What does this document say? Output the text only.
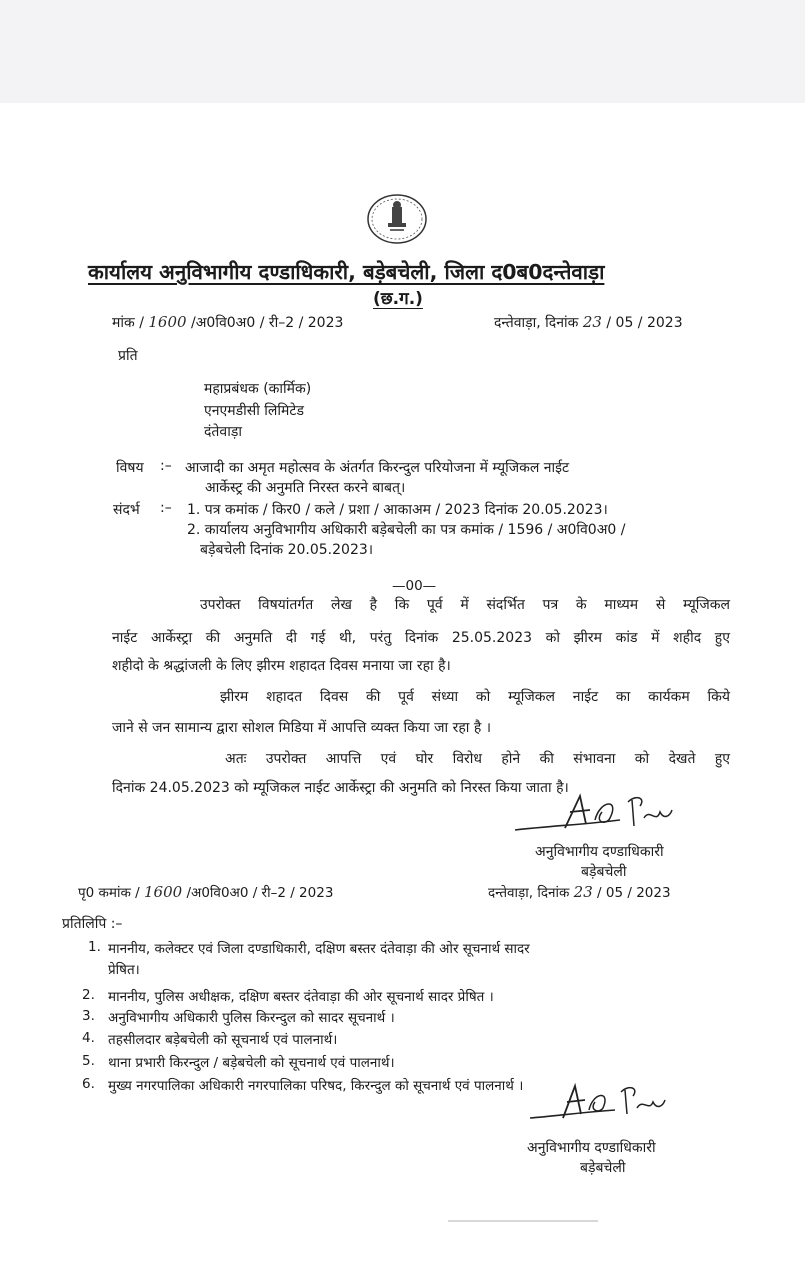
कार्यालय अनुविभागीय दण्डाधिकारी, बड़ेबचेली, जिला द0ब0दन्तेवाड़ा
(छ.ग.)
मांक / 1600 /अ0वि0अ0 / री–2 / 2023	दन्तेवाड़ा, दिनांक 23 / 05 / 2023
प्रति
महाप्रबंधक (कार्मिक)
एनएमडीसी लिमिटेड
दंतेवाड़ा
विषय :– आजादी का अमृत महोत्सव के अंतर्गत किरन्दुल परियोजना में म्यूजिकल नाईट
आर्केस्ट्र की अनुमति निरस्त करने बाबत्।
संदर्भ :– 1. पत्र कमांक / किर0 / कले / प्रशा / आकाअम / 2023 दिनांक 20.05.2023।
2. कार्यालय अनुविभागीय अधिकारी बड़ेबचेली का पत्र कमांक / 1596 / अ0वि0अ0 /
बड़ेबचेली दिनांक 20.05.2023।
—00—
उपरोक्त विषयांतर्गत लेख है कि पूर्व में संदर्भित पत्र के माध्यम से म्यूजिकल
नाईट आर्केस्ट्रा की अनुमति दी गई थी, परंतु दिनांक 25.05.2023 को झीरम कांड में शहीद हुए
शहीदो के श्रद्धांजली के लिए झीरम शहादत दिवस मनाया जा रहा है।
झीरम शहादत दिवस की पूर्व संध्या को म्यूजिकल नाईट का कार्यकम किये
जाने से जन सामान्य द्वारा सोशल मिडिया में आपत्ति व्यक्त किया जा रहा है ।
अतः उपरोक्त आपत्ति एवं घोर विरोध होने की संभावना को देखते हुए
दिनांक 24.05.2023 को म्यूजिकल नाईट आर्केस्ट्रा की अनुमति को निरस्त किया जाता है।
अनुविभागीय दण्डाधिकारी
बड़ेबचेली
पृ0 कमांक / 1600 /अ0वि0अ0 / री–2 / 2023	दन्तेवाड़ा, दिनांक 23 / 05 / 2023
प्रतिलिपि :–
1. माननीय, कलेक्टर एवं जिला दण्डाधिकारी, दक्षिण बस्तर दंतेवाड़ा की ओर सूचनार्थ सादर
प्रेषित।
2. माननीय, पुलिस अधीक्षक, दक्षिण बस्तर दंतेवाड़ा की ओर सूचनार्थ सादर प्रेषित ।
3. अनुविभागीय अधिकारी पुलिस किरन्दुल को सादर सूचनार्थ ।
4. तहसीलदार बड़ेबचेली को सूचनार्थ एवं पालनार्थ।
5. थाना प्रभारी किरन्दुल / बड़ेबचेली को सूचनार्थ एवं पालनार्थ।
6. मुख्य नगरपालिका अधिकारी नगरपालिका परिषद, किरन्दुल को सूचनार्थ एवं पालनार्थ ।
अनुविभागीय दण्डाधिकारी
बड़ेबचेली
